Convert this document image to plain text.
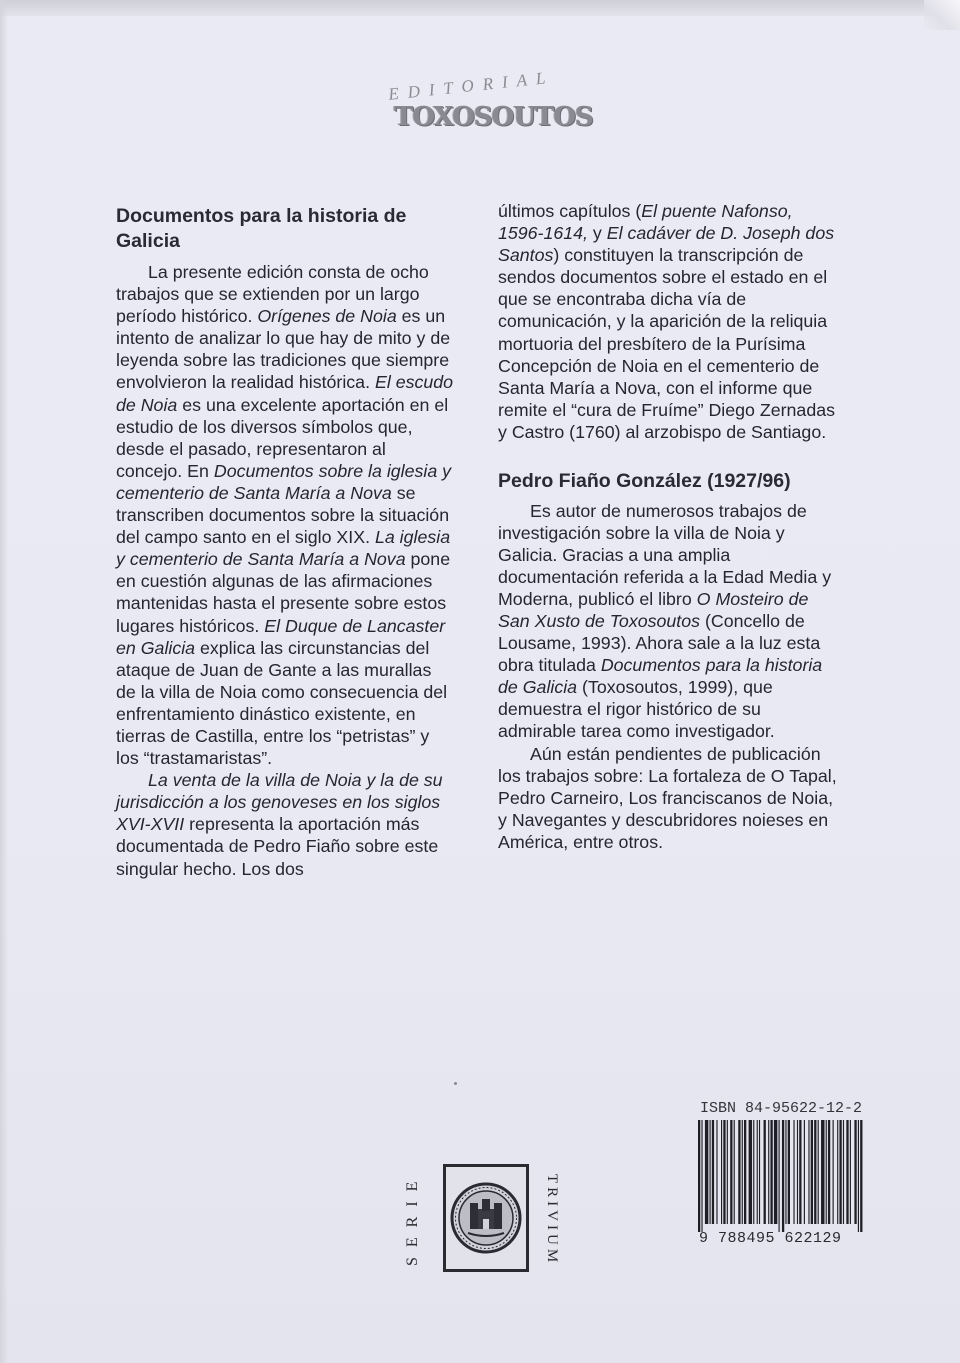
EDITORIAL
TOXOSOUTOS
Documentos para la historia de Galicia

La presente edición consta de ocho trabajos que se extienden por un largo período histórico. Orígenes de Noia es un intento de analizar lo que hay de mito y de leyenda sobre las tradiciones que siempre envolvieron la realidad histórica. El escudo de Noia es una excelente aportación en el estudio de los diversos símbolos que, desde el pasado, representaron al concejo. En Documentos sobre la iglesia y cementerio de Santa María a Nova se transcriben documentos sobre la situación del campo santo en el siglo XIX. La iglesia y cementerio de Santa María a Nova pone en cuestión algunas de las afirmaciones mantenidas hasta el presente sobre estos lugares históricos. El Duque de Lancaster en Galicia explica las circunstancias del ataque de Juan de Gante a las murallas de la villa de Noia como consecuencia del enfrentamiento dinástico existente, en tierras de Castilla, entre los “petristas” y los “trastamaristas”.

La venta de la villa de Noia y la de su jurisdicción a los genoveses en los siglos XVI-XVII representa la aportación más documentada de Pedro Fiaño sobre este singular hecho. Los dos

últimos capítulos (El puente Nafonso, 1596-1614, y El cadáver de D. Joseph dos Santos) constituyen la transcripción de sendos documentos sobre el estado en el que se encontraba dicha vía de comunicación, y la aparición de la reliquia mortuoria del presbítero de la Purísima Concepción de Noia en el cementerio de Santa María a Nova, con el informe que remite el “cura de Fruíme” Diego Zernadas y Castro (1760) al arzobispo de Santiago.

Pedro Fiaño González (1927/96)

Es autor de numerosos trabajos de investigación sobre la villa de Noia y Galicia. Gracias a una amplia documentación referida a la Edad Media y Moderna, publicó el libro O Mosteiro de San Xusto de Toxosoutos (Concello de Lousame, 1993). Ahora sale a la luz esta obra titulada Documentos para la historia de Galicia (Toxosoutos, 1999), que demuestra el rigor histórico de su admirable tarea como investigador.

Aún están pendientes de publicación los trabajos sobre: La fortaleza de O Tapal, Pedro Carneiro, Los franciscanos de Noia, y Navegantes y descubridores noieses en América, entre otros.

SERIE	TRIVIUM
ISBN 84-95622-12-2
9 788495 622129
